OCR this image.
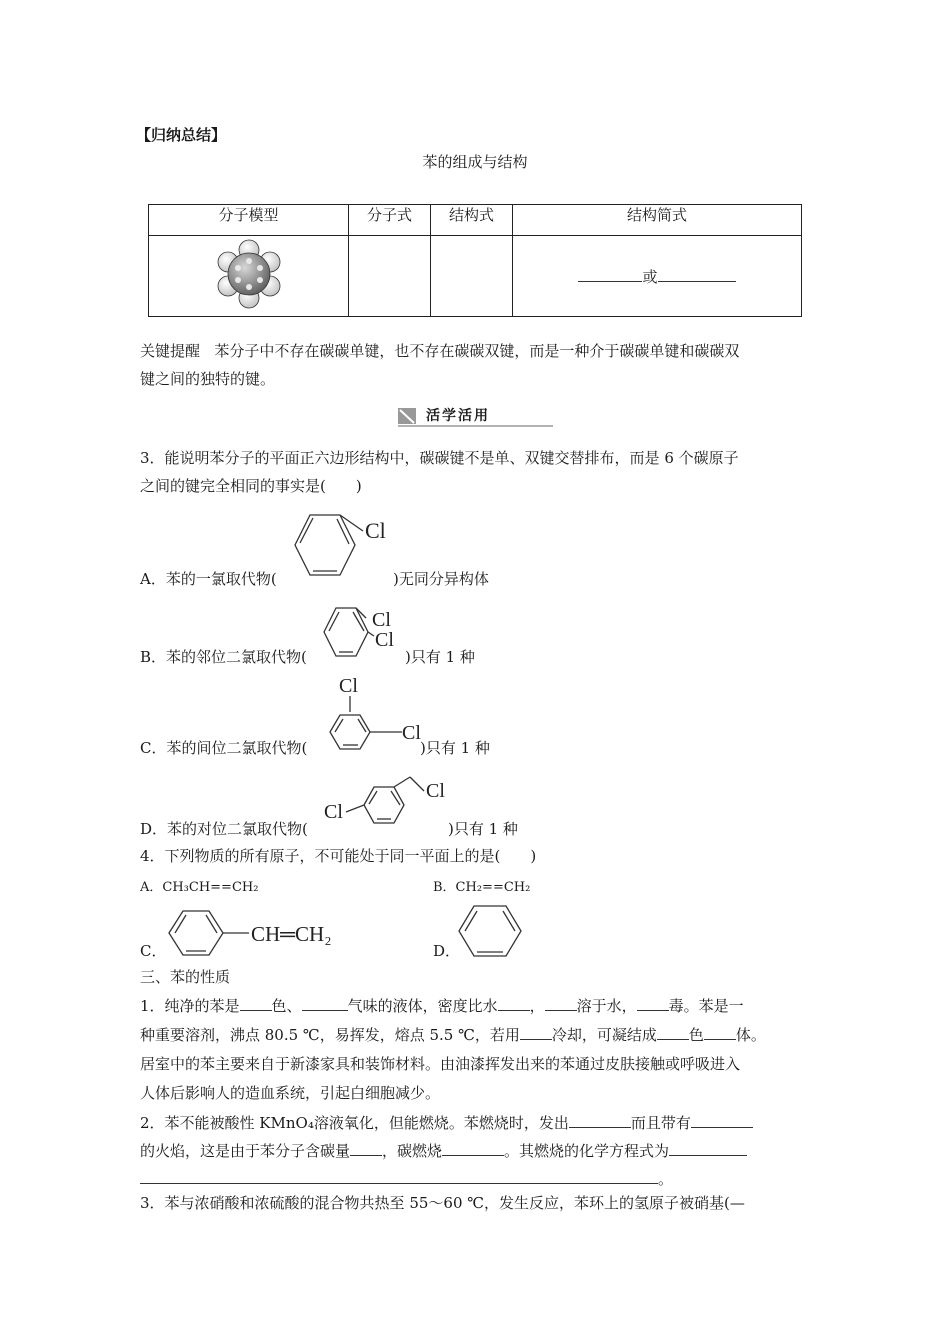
【归纳总结】
苯的组成与结构
分子模型	分子式	结构式	结构简式
			或
关键提醒 苯分子中不存在碳碳单键，也不存在碳碳双键，而是一种介于碳碳单键和碳碳双
键之间的独特的键。
活学活用
3．能说明苯分子的平面正六边形结构中，碳碳键不是单、双键交替排布，而是 6 个碳原子
之间的键完全相同的事实是(　　)
Cl
A．苯的一氯取代物(	)无同分异构体
Cl
Cl
B．苯的邻位二氯取代物(	)只有 1 种
Cl
Cl
C．苯的间位二氯取代物(	)只有 1 种
Cl
Cl
D．苯的对位二氯取代物(	)只有 1 种
4．下列物质的所有原子，不可能处于同一平面上的是(　　)
A．CH₃CH==CH₂	B．CH₂==CH₂
C．
CH═CH₂
D．
三、苯的性质
1．纯净的苯是 色、	气味的液体，密度比水 ， 溶于水， 毒。苯是一
种重要溶剂，沸点 80.5 ℃，易挥发，熔点 5.5 ℃，若用 冷却，可凝结成 色 体。
居室中的苯主要来自于新漆家具和装饰材料。由油漆挥发出来的苯通过皮肤接触或呼吸进入
人体后影响人的造血系统，引起白细胞减少。
2．苯不能被酸性 KMnO₄溶液氧化，但能燃烧。苯燃烧时，发出	而且带有
的火焰，这是由于苯分子含碳量 ，碳燃烧	。其燃烧的化学方程式为
。
3．苯与浓硝酸和浓硫酸的混合物共热至 55～60 ℃，发生反应，苯环上的氢原子被硝基(—
